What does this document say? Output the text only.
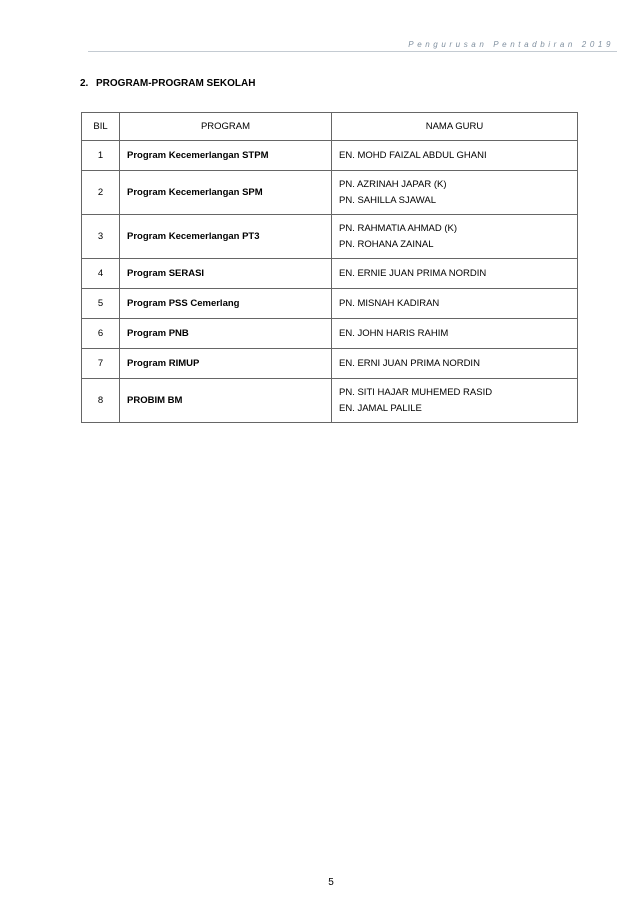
Pengurusan Pentadbiran 2019
2. PROGRAM-PROGRAM SEKOLAH
BIL	PROGRAM	NAMA GURU
1	Program Kecemerlangan STPM	EN. MOHD FAIZAL ABDUL GHANI

2	Program Kecemerlangan SPM	PN. AZRINAH JAPAR (K)
PN. SAHILLA SJAWAL

3	Program Kecemerlangan PT3	PN. RAHMATIA AHMAD (K)
PN. ROHANA ZAINAL

4	Program SERASI	EN. ERNIE JUAN PRIMA NORDIN

5	Program PSS Cemerlang	PN. MISNAH KADIRAN

6	Program PNB	EN. JOHN HARIS RAHIM

7	Program RIMUP	EN. ERNI JUAN PRIMA NORDIN

8	PROBIM BM	PN. SITI HAJAR MUHEMED RASID
EN. JAMAL PALILE
5
